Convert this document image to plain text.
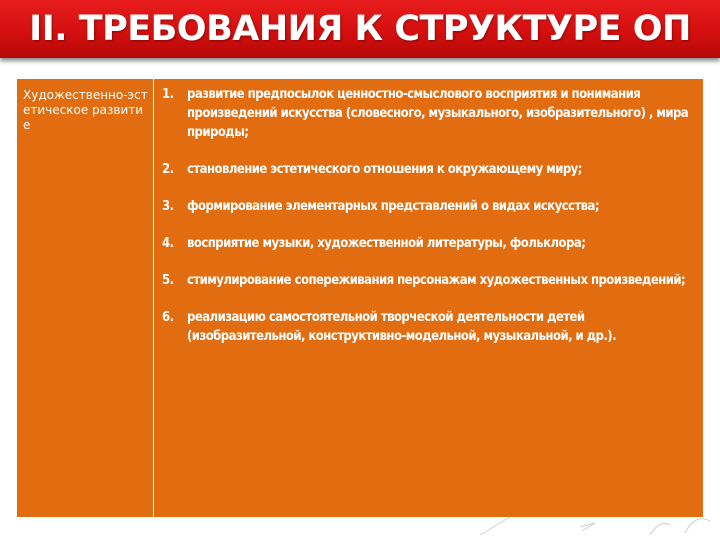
II. ТРЕБОВАНИЯ К СТРУКТУРЕ ОП
Художественно-эстетическое развитие

1.	развитие предпосылок ценностно-смыслового восприятия и понимания произведений искусства (словесного, музыкального, изобразительного) , мира природы;
2.	становление эстетического отношения к окружающему миру;
3.	формирование элементарных представлений о видах искусства;
4.	восприятие музыки, художественной литературы, фольклора;
5.	стимулирование сопереживания персонажам художественных произведений;
6.	реализацию самостоятельной творческой деятельности детей (изобразительной, конструктивно-модельной, музыкальной, и др.).
